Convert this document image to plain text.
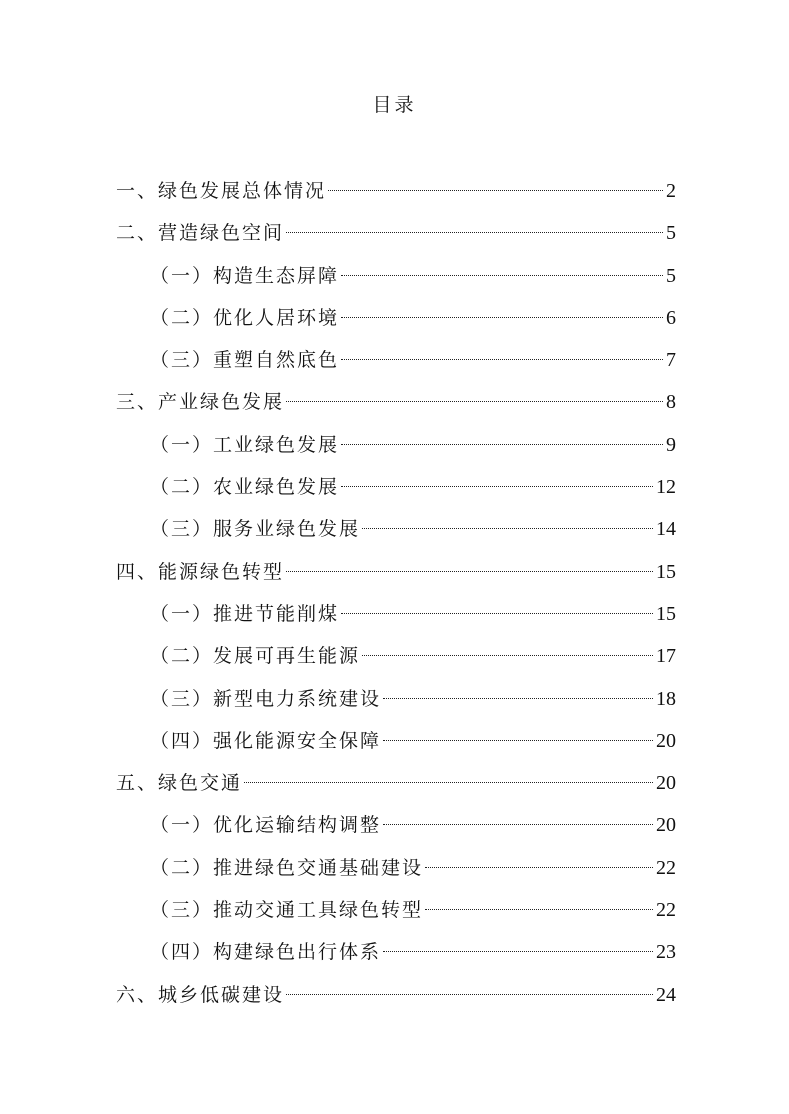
目录
一、绿色发展总体情况	2
二、营造绿色空间	5
（一）构造生态屏障	5
（二）优化人居环境	6
（三）重塑自然底色	7
三、产业绿色发展	8
（一）工业绿色发展	9
（二）农业绿色发展	12
（三）服务业绿色发展	14
四、能源绿色转型	15
（一）推进节能削煤	15
（二）发展可再生能源	17
（三）新型电力系统建设	18
（四）强化能源安全保障	20
五、绿色交通	20
（一）优化运输结构调整	20
（二）推进绿色交通基础建设	22
（三）推动交通工具绿色转型	22
（四）构建绿色出行体系	23
六、城乡低碳建设	24
